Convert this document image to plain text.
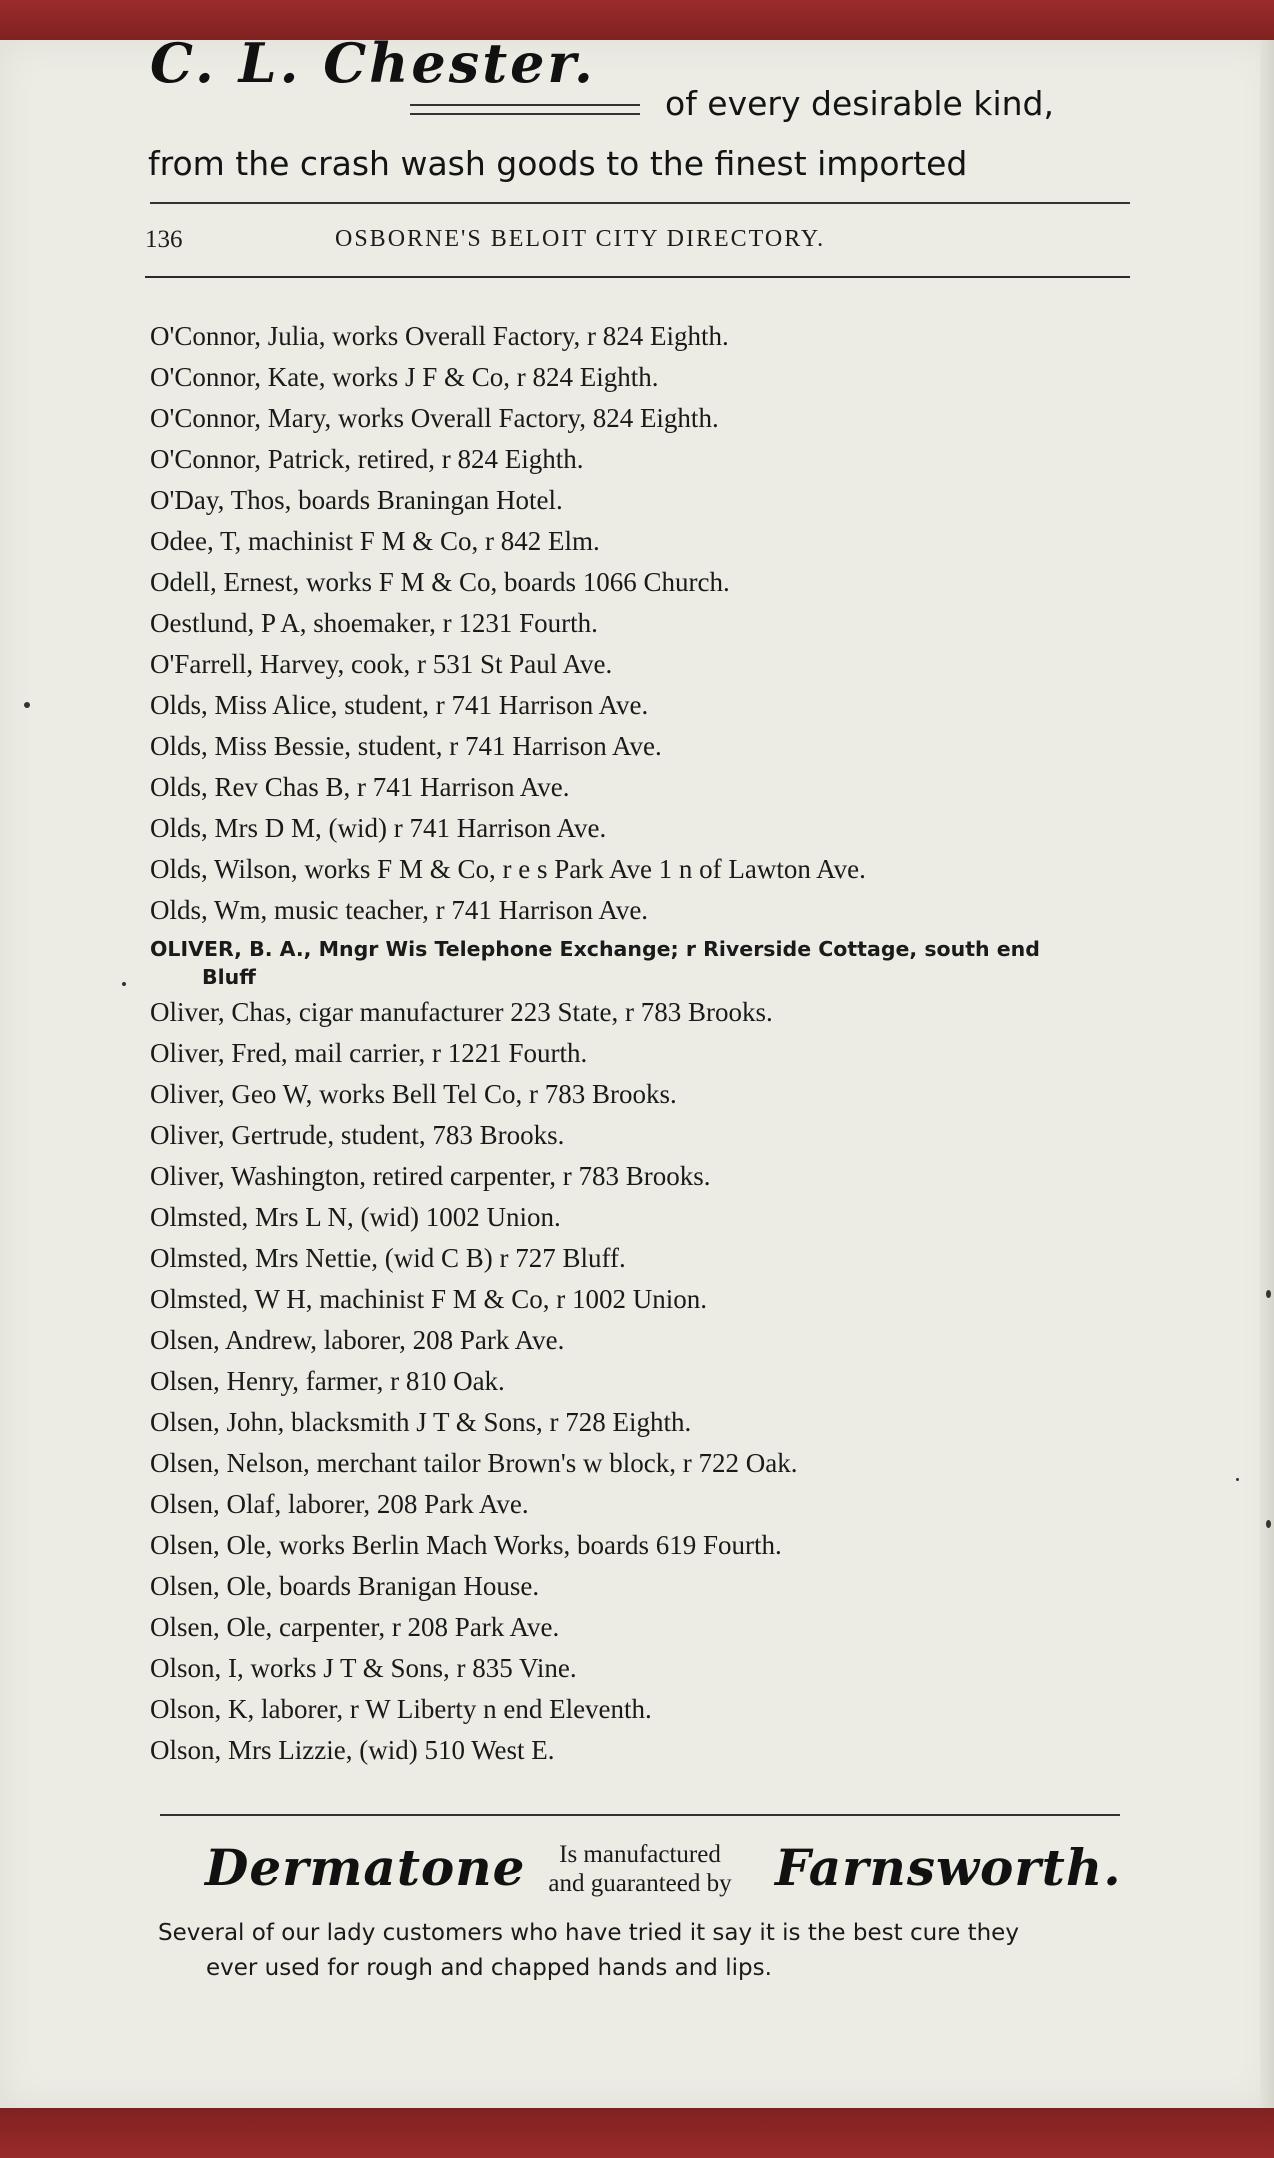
C. L. Chester.
of every desirable kind,
from the crash wash goods to the finest imported
136	OSBORNE'S BELOIT CITY DIRECTORY.
O'Connor, Julia, works Overall Factory, r 824 Eighth.
O'Connor, Kate, works J F & Co, r 824 Eighth.
O'Connor, Mary, works Overall Factory, 824 Eighth.
O'Connor, Patrick, retired, r 824 Eighth.
O'Day, Thos, boards Braningan Hotel.
Odee, T, machinist F M & Co, r 842 Elm.
Odell, Ernest, works F M & Co, boards 1066 Church.
Oestlund, P A, shoemaker, r 1231 Fourth.
O'Farrell, Harvey, cook, r 531 St Paul Ave.
Olds, Miss Alice, student, r 741 Harrison Ave.
Olds, Miss Bessie, student, r 741 Harrison Ave.
Olds, Rev Chas B, r 741 Harrison Ave.
Olds, Mrs D M, (wid) r 741 Harrison Ave.
Olds, Wilson, works F M & Co, r e s Park Ave 1 n of Lawton Ave.
Olds, Wm, music teacher, r 741 Harrison Ave.
OLIVER, B. A., Mngr Wis Telephone Exchange; r Riverside Cottage, south end
Bluff
Oliver, Chas, cigar manufacturer 223 State, r 783 Brooks.
Oliver, Fred, mail carrier, r 1221 Fourth.
Oliver, Geo W, works Bell Tel Co, r 783 Brooks.
Oliver, Gertrude, student, 783 Brooks.
Oliver, Washington, retired carpenter, r 783 Brooks.
Olmsted, Mrs L N, (wid) 1002 Union.
Olmsted, Mrs Nettie, (wid C B) r 727 Bluff.
Olmsted, W H, machinist F M & Co, r 1002 Union.
Olsen, Andrew, laborer, 208 Park Ave.
Olsen, Henry, farmer, r 810 Oak.
Olsen, John, blacksmith J T & Sons, r 728 Eighth.
Olsen, Nelson, merchant tailor Brown's w block, r 722 Oak.
Olsen, Olaf, laborer, 208 Park Ave.
Olsen, Ole, works Berlin Mach Works, boards 619 Fourth.
Olsen, Ole, boards Branigan House.
Olsen, Ole, carpenter, r 208 Park Ave.
Olson, I, works J T & Sons, r 835 Vine.
Olson, K, laborer, r W Liberty n end Eleventh.
Olson, Mrs Lizzie, (wid) 510 West E.
Dermatone	Is manufactured
and guaranteed by Farnsworth.
Several of our lady customers who have tried it say it is the best cure they
ever used for rough and chapped hands and lips.
